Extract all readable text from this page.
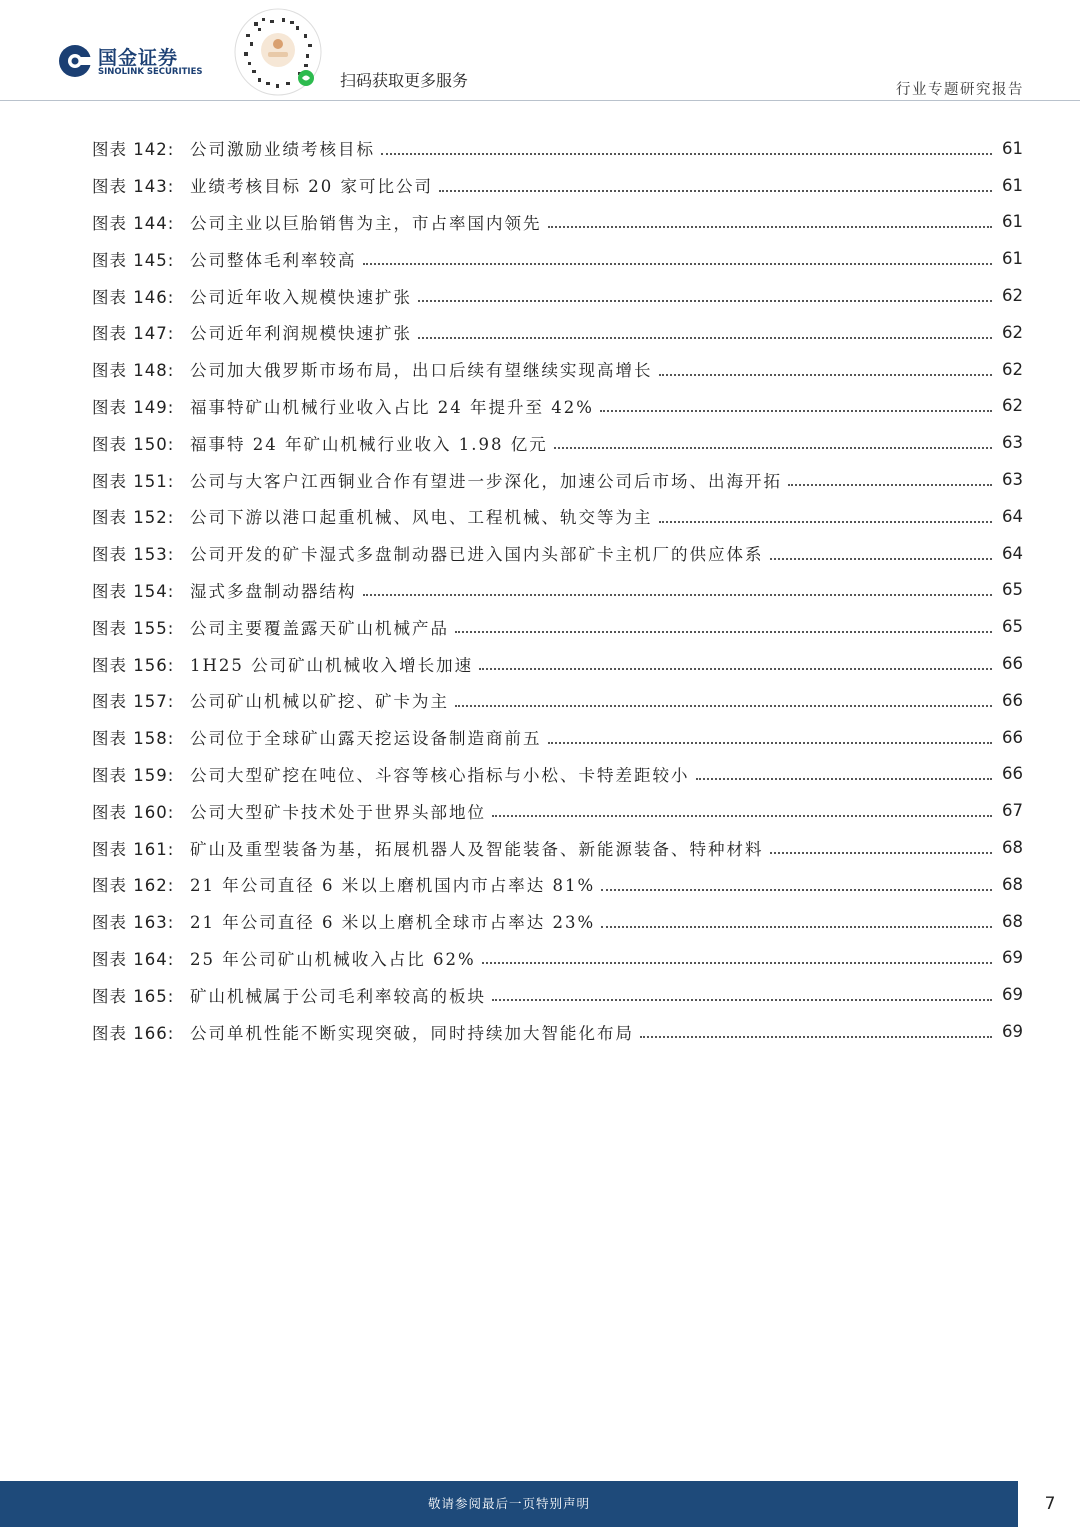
国金证券
SINOLINK SECURITIES	扫码获取更多服务	行业专题研究报告
图表 142: 公司激励业绩考核目标	61
图表 143: 业绩考核目标 20 家可比公司	61
图表 144: 公司主业以巨胎销售为主，市占率国内领先	61
图表 145: 公司整体毛利率较高	61
图表 146: 公司近年收入规模快速扩张	62
图表 147: 公司近年利润规模快速扩张	62
图表 148: 公司加大俄罗斯市场布局，出口后续有望继续实现高增长	62
图表 149: 福事特矿山机械行业收入占比 24 年提升至 42%	62
图表 150: 福事特 24 年矿山机械行业收入 1.98 亿元	63
图表 151: 公司与大客户江西铜业合作有望进一步深化，加速公司后市场、出海开拓	63
图表 152: 公司下游以港口起重机械、风电、工程机械、轨交等为主	64
图表 153: 公司开发的矿卡湿式多盘制动器已进入国内头部矿卡主机厂的供应体系	64
图表 154: 湿式多盘制动器结构	65
图表 155: 公司主要覆盖露天矿山机械产品	65
图表 156: 1H25 公司矿山机械收入增长加速	66
图表 157: 公司矿山机械以矿挖、矿卡为主	66
图表 158: 公司位于全球矿山露天挖运设备制造商前五	66
图表 159: 公司大型矿挖在吨位、斗容等核心指标与小松、卡特差距较小	66
图表 160: 公司大型矿卡技术处于世界头部地位	67
图表 161: 矿山及重型装备为基，拓展机器人及智能装备、新能源装备、特种材料	68
图表 162: 21 年公司直径 6 米以上磨机国内市占率达 81%	68
图表 163: 21 年公司直径 6 米以上磨机全球市占率达 23%	68
图表 164: 25 年公司矿山机械收入占比 62%	69
图表 165: 矿山机械属于公司毛利率较高的板块	69
图表 166: 公司单机性能不断实现突破，同时持续加大智能化布局	69
敬请参阅最后一页特别声明	7
